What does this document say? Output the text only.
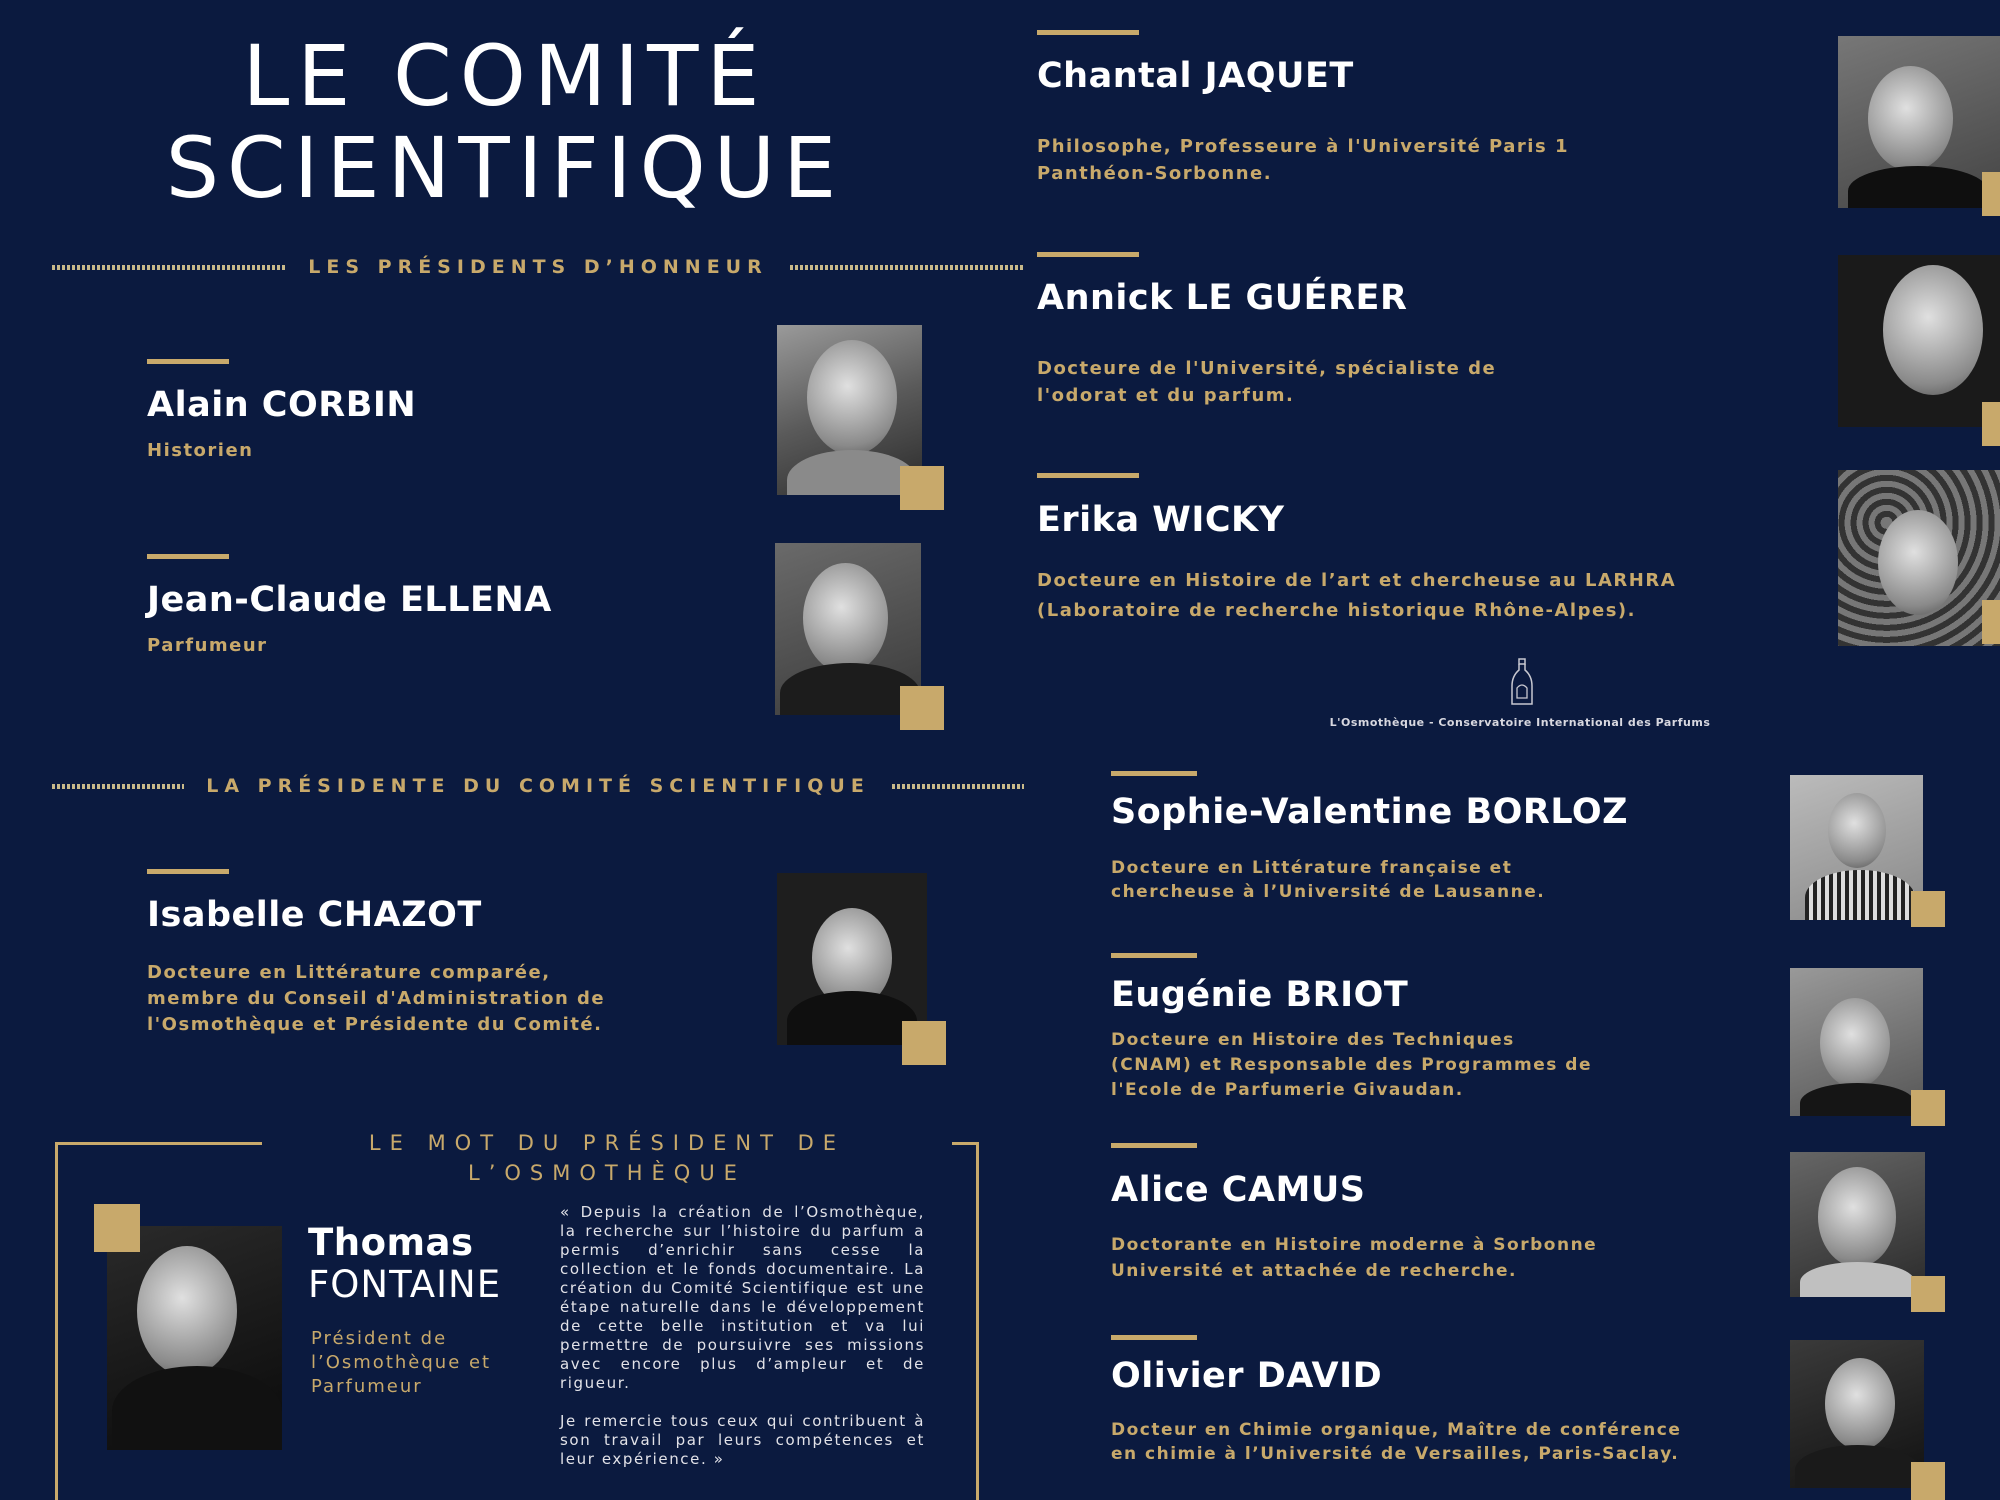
LE COMITÉ
SCIENTIFIQUE
LES PRÉSIDENTS D’HONNEUR
Alain CORBIN
Historien
Jean-Claude ELLENA
Parfumeur
LA PRÉSIDENTE DU COMITÉ SCIENTIFIQUE
Isabelle CHAZOT
Docteure en Littérature comparée,
membre du Conseil d'Administration de
l'Osmothèque et Présidente du Comité.
LE MOT DU PRÉSIDENT DE L’OSMOTHÈQUE
Thomas
FONTAINE
Président de
l’Osmothèque et
Parfumeur

« Depuis la création de l’Osmothèque, la recherche sur l’histoire du parfum a permis d’enrichir sans cesse la collection et le fonds documentaire. La création du Comité Scientifique est une étape naturelle dans le développement de cette belle institution et va lui permettre de poursuivre ses missions avec encore plus d’ampleur et de rigueur.

Je remercie tous ceux qui contribuent à son travail par leurs compétences et leur expérience. »

Chantal JAQUET
Philosophe, Professeure à l'Université Paris 1
Panthéon-Sorbonne.
Annick LE GUÉRER
Docteure de l'Université, spécialiste de
l'odorat et du parfum.
Erika WICKY
Docteure en Histoire de l’art et chercheuse au LARHRA
(Laboratoire de recherche historique Rhône-Alpes).
L'Osmothèque - Conservatoire International des Parfums
Sophie-Valentine BORLOZ
Docteure en Littérature française et
chercheuse à l’Université de Lausanne.
Eugénie BRIOT
Docteure en Histoire des Techniques
(CNAM) et Responsable des Programmes de
l'Ecole de Parfumerie Givaudan.
Alice CAMUS
Doctorante en Histoire moderne à Sorbonne
Université et attachée de recherche.
Olivier DAVID
Docteur en Chimie organique, Maître de conférence
en chimie à l’Université de Versailles, Paris-Saclay.
